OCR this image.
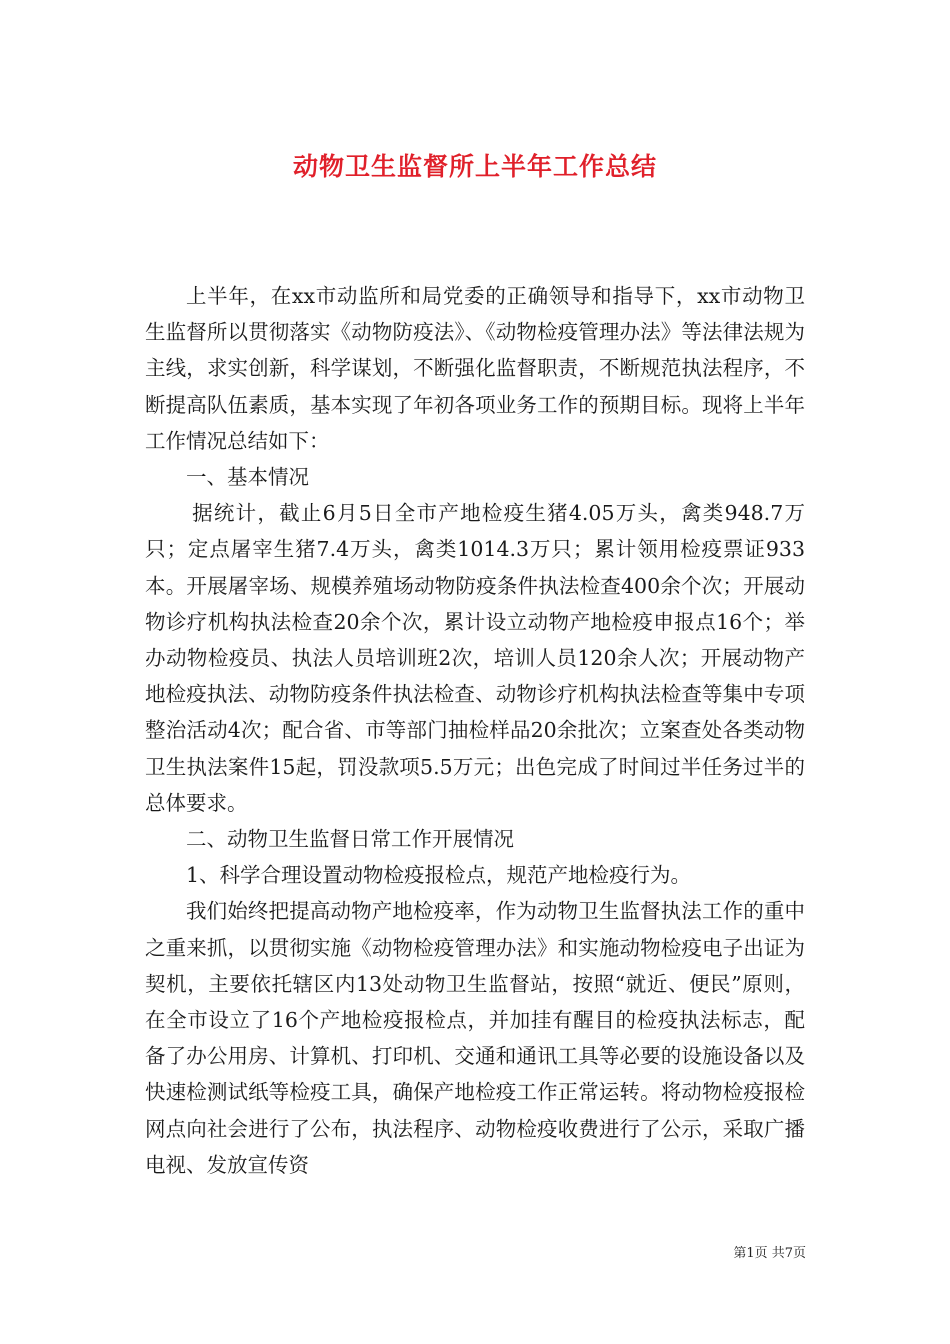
动物卫生监督所上半年工作总结

上半年，在xx市动监所和局党委的正确领导和指导下，xx市动物卫生监督所以贯彻落实《动物防疫法》、《动物检疫管理办法》等法律法规为主线，求实创新，科学谋划，不断强化监督职责，不断规范执法程序，不断提高队伍素质，基本实现了年初各项业务工作的预期目标。现将上半年工作情况总结如下：

一、基本情况

据统计，截止6月5日全市产地检疫生猪4.05万头，禽类948.7万只；定点屠宰生猪7.4万头，禽类1014.3万只；累计领用检疫票证933本。开展屠宰场、规模养殖场动物防疫条件执法检查400余个次；开展动物诊疗机构执法检查20余个次，累计设立动物产地检疫申报点16个；举办动物检疫员、执法人员培训班2次，培训人员120余人次；开展动物产地检疫执法、动物防疫条件执法检查、动物诊疗机构执法检查等集中专项整治活动4次；配合省、市等部门抽检样品20余批次；立案查处各类动物卫生执法案件15起，罚没款项5.5万元；出色完成了时间过半任务过半的总体要求。

二、动物卫生监督日常工作开展情况

1、科学合理设置动物检疫报检点，规范产地检疫行为。

我们始终把提高动物产地检疫率，作为动物卫生监督执法工作的重中之重来抓，以贯彻实施《动物检疫管理办法》和实施动物检疫电子出证为契机，主要依托辖区内13处动物卫生监督站，按照“就近、便民”原则，在全市设立了16个产地检疫报检点，并加挂有醒目的检疫执法标志，配备了办公用房、计算机、打印机、交通和通讯工具等必要的设施设备以及快速检测试纸等检疫工具，确保产地检疫工作正常运转。将动物检疫报检网点向社会进行了公布，执法程序、动物检疫收费进行了公示，采取广播电视、发放宣传资

第1页 共7页
